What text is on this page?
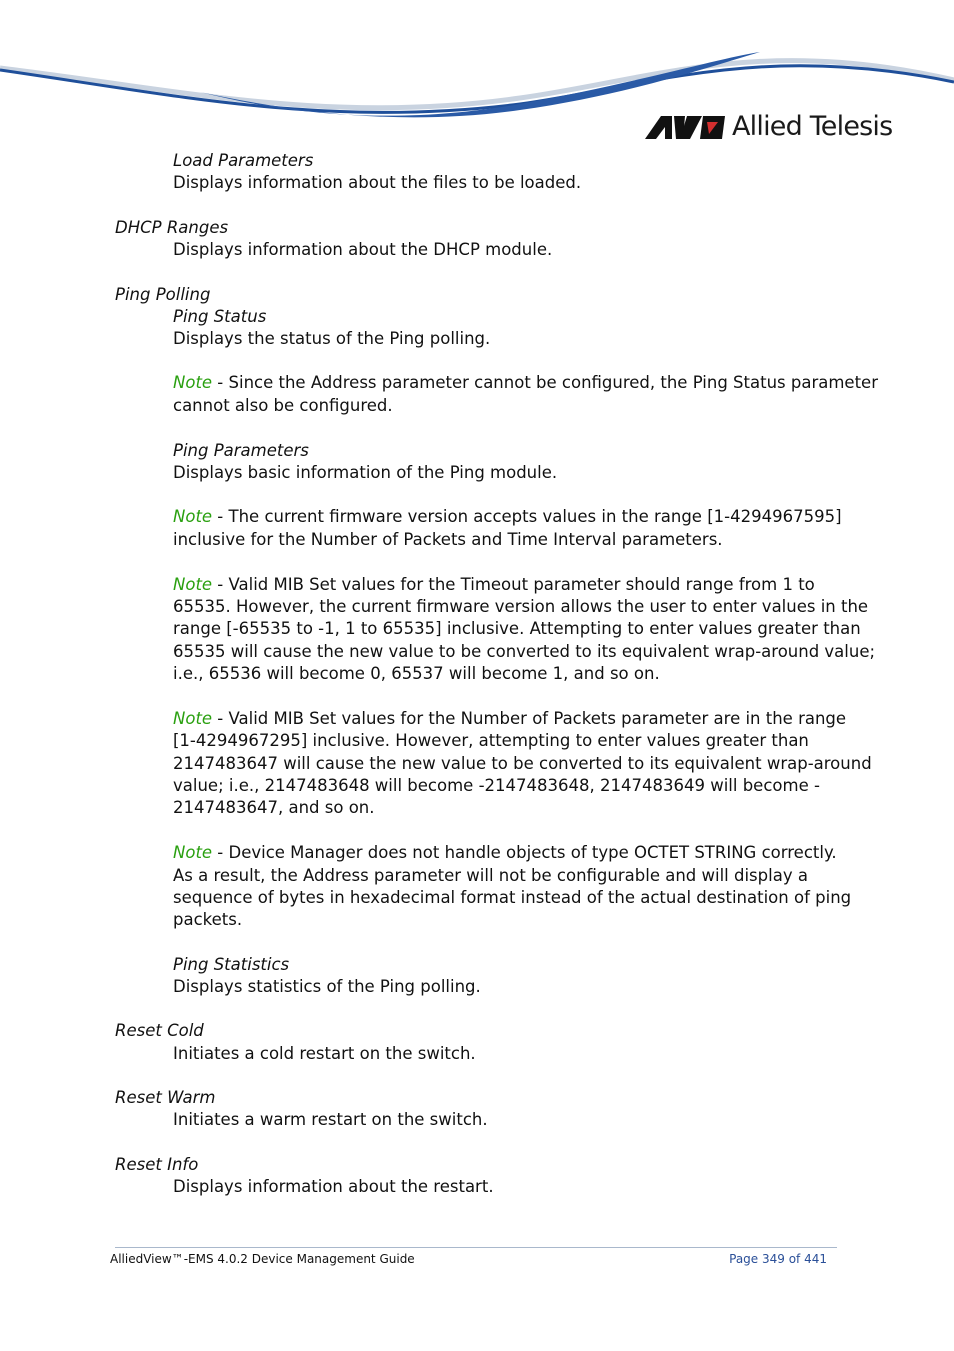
Allied Telesis
Load Parameters
Displays information about the files to be loaded.
DHCP Ranges
Displays information about the DHCP module.
Ping Polling
Ping Status
Displays the status of the Ping polling.
Note - Since the Address parameter cannot be configured, the Ping Status parameter
cannot also be configured.
Ping Parameters
Displays basic information of the Ping module.
Note - The current firmware version accepts values in the range [1-4294967595]
inclusive for the Number of Packets and Time Interval parameters.
Note - Valid MIB Set values for the Timeout parameter should range from 1 to
65535. However, the current firmware version allows the user to enter values in the
range [-65535 to -1, 1 to 65535] inclusive. Attempting to enter values greater than
65535 will cause the new value to be converted to its equivalent wrap-around value;
i.e., 65536 will become 0, 65537 will become 1, and so on.
Note - Valid MIB Set values for the Number of Packets parameter are in the range
[1-4294967295] inclusive. However, attempting to enter values greater than
2147483647 will cause the new value to be converted to its equivalent wrap-around
value; i.e., 2147483648 will become -2147483648, 2147483649 will become -
2147483647, and so on.
Note - Device Manager does not handle objects of type OCTET STRING correctly.
As a result, the Address parameter will not be configurable and will display a
sequence of bytes in hexadecimal format instead of the actual destination of ping
packets.
Ping Statistics
Displays statistics of the Ping polling.
Reset Cold
Initiates a cold restart on the switch.
Reset Warm
Initiates a warm restart on the switch.
Reset Info
Displays information about the restart.
AlliedView™-EMS 4.0.2 Device Management Guide	Page 349 of 441
